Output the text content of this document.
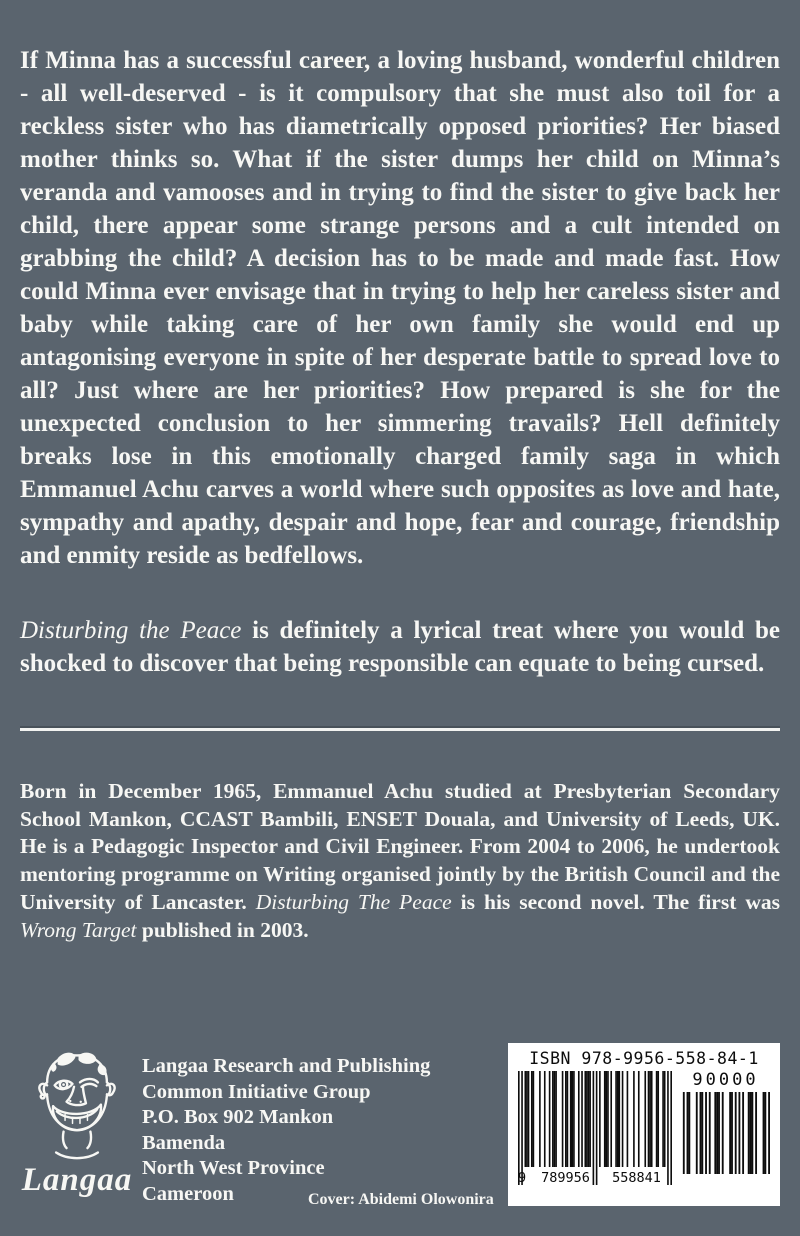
If Minna has a successful career, a loving husband, wonderful children - all well-deserved - is it compulsory that she must also toil for a reckless sister who has diametrically opposed priorities? Her biased mother thinks so. What if the sister dumps her child on Minna’s veranda and vamooses and in trying to find the sister to give back her child, there appear some strange persons and a cult intended on grabbing the child? A decision has to be made and made fast. How could Minna ever envisage that in trying to help her careless sister and baby while taking care of her own family she would end up antagonising everyone in spite of her desperate battle to spread love to all? Just where are her priorities? How prepared is she for the unexpected conclusion to her simmering travails? Hell definitely breaks lose in this emotionally charged family saga in which Emmanuel Achu carves a world where such opposites as love and hate, sympathy and apathy, despair and hope, fear and courage, friendship and enmity reside as bedfellows.

Disturbing the Peace is definitely a lyrical treat where you would be shocked to discover that being responsible can equate to being cursed.

Born in December 1965, Emmanuel Achu studied at Presbyterian Secondary School Mankon, CCAST Bambili, ENSET Douala, and University of Leeds, UK. He is a Pedagogic Inspector and Civil Engineer. From 2004 to 2006, he undertook mentoring programme on Writing organised jointly by the British Council and the University of Lancaster. Disturbing The Peace is his second novel. The first was Wrong Target published in 2003.

Langaa
Langaa Research and Publishing
Common Initiative Group
P.O. Box 902 Mankon
Bamenda
North West Province
Cameroon	Cover: Abidemi Olowonira
ISBN 978-9956-558-84-1
9	789956	558841
90000
